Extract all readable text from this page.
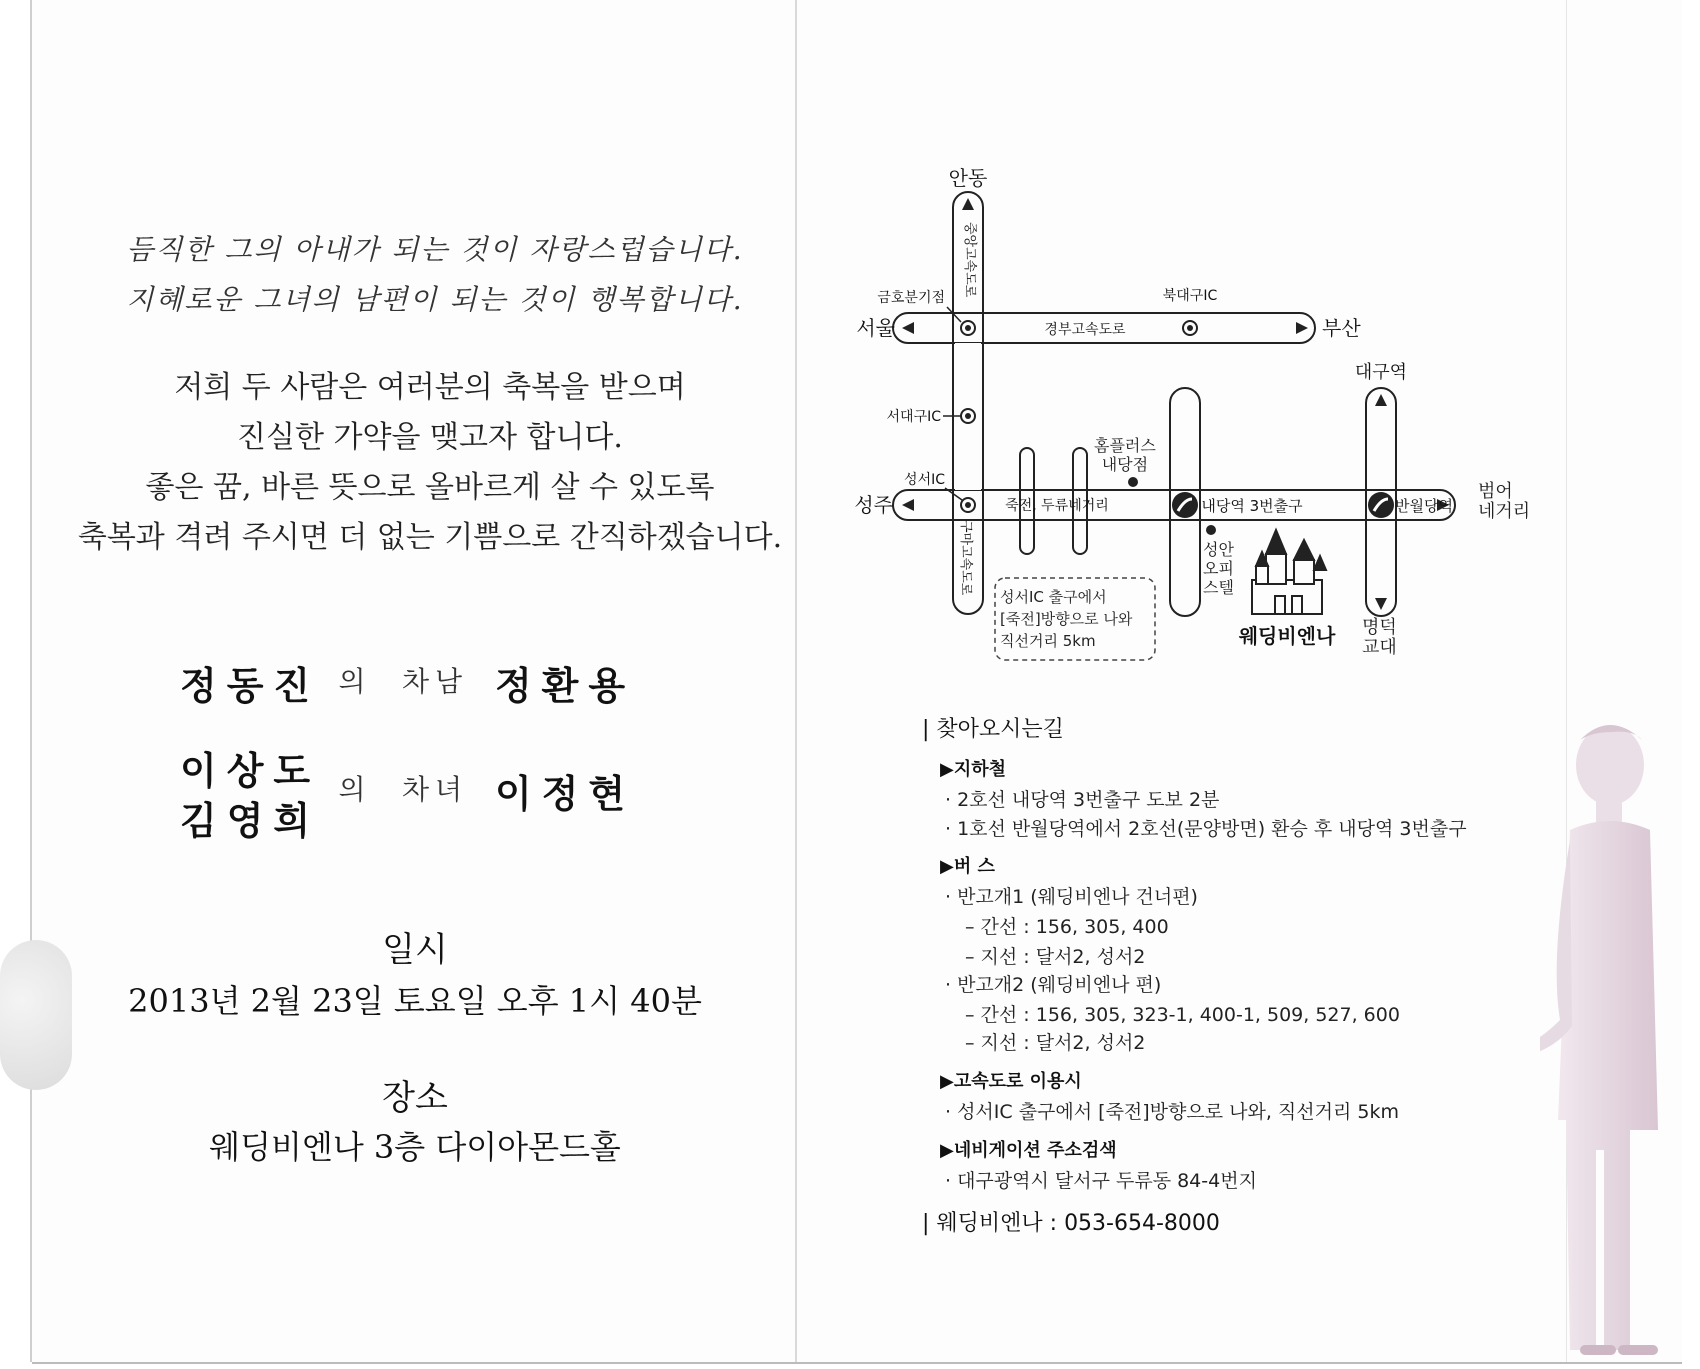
듬직한 그의 아내가 되는 것이 자랑스럽습니다.
지혜로운 그녀의 남편이 되는 것이 행복합니다.
저희 두 사람은 여러분의 축복을 받으며
진실한 가약을 맺고자 합니다.
좋은 꿈, 바른 뜻으로 올바르게 살 수 있도록
축복과 격려 주시면 더 없는 기쁨으로 간직하겠습니다.
정동진 의 차남 정환용
이상도
김영희
의 차녀 이정현
일시
2013년 2월 23일 토요일 오후 1시 40분
장소
웨딩비엔나 3층 다이아몬드홀
안동
금호분기점	북대구IC
서울	부산
경부고속도로
서대구IC
성서IC
성주	죽전, 두류네거리	내당역 3번출구	반월당역
대구역
웨딩비엔나
중앙고속도로
구마고속도로
홈플러스
내당점
범어
네거리
명덕
교대
성안
오피
스텔
성서IC 출구에서
[죽전]방향으로 나와
직선거리 5km
| 찾아오시는길
▶지하철
· 2호선 내당역 3번출구 도보 2분
· 1호선 반월당역에서 2호선(문양방면) 환승 후 내당역 3번출구
▶버 스
· 반고개1 (웨딩비엔나 건너편)
– 간선 : 156, 305, 400
– 지선 : 달서2, 성서2
· 반고개2 (웨딩비엔나 편)
– 간선 : 156, 305, 323-1, 400-1, 509, 527, 600
– 지선 : 달서2, 성서2
▶고속도로 이용시
· 성서IC 출구에서 [죽전]방향으로 나와, 직선거리 5km
▶네비게이션 주소검색
· 대구광역시 달서구 두류동 84-4번지
| 웨딩비엔나 : 053-654-8000
